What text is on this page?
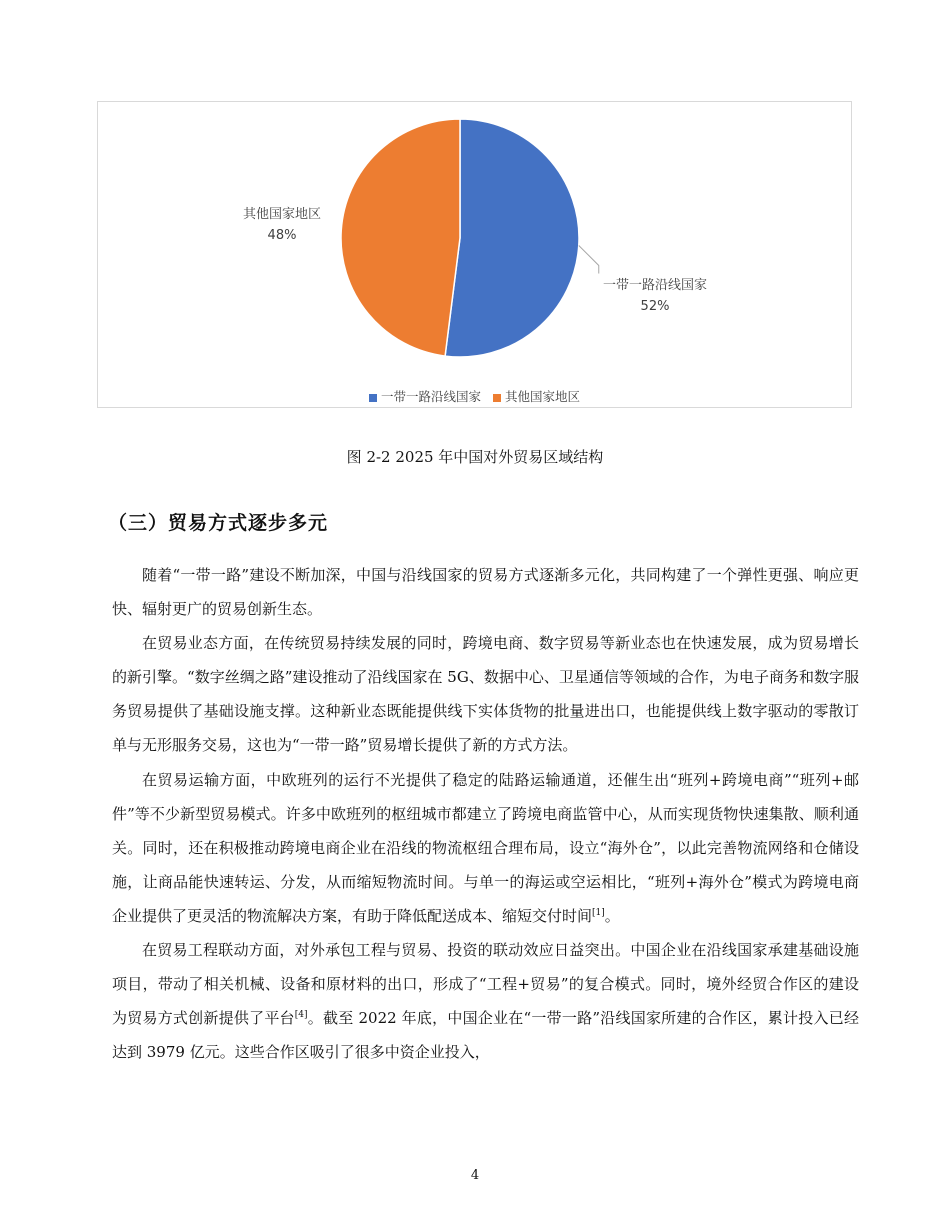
一带一路沿线国家
52%
其他国家地区
48%
一带一路沿线国家 其他国家地区
图 2-2 2025 年中国对外贸易区域结构
（三）贸易方式逐步多元

随着“一带一路”建设不断加深，中国与沿线国家的贸易方式逐渐多元化，共同构建了一个弹性更强、响应更快、辐射更广的贸易创新生态。

在贸易业态方面，在传统贸易持续发展的同时，跨境电商、数字贸易等新业态也在快速发展，成为贸易增长的新引擎。“数字丝绸之路”建设推动了沿线国家在 5G、数据中心、卫星通信等领域的合作，为电子商务和数字服务贸易提供了基础设施支撑。这种新业态既能提供线下实体货物的批量进出口，也能提供线上数字驱动的零散订单与无形服务交易，这也为“一带一路”贸易增长提供了新的方式方法。

在贸易运输方面，中欧班列的运行不光提供了稳定的陆路运输通道，还催生出“班列+跨境电商”“班列+邮件”等不少新型贸易模式。许多中欧班列的枢纽城市都建立了跨境电商监管中心，从而实现货物快速集散、顺利通关。同时，还在积极推动跨境电商企业在沿线的物流枢纽合理布局，设立“海外仓”，以此完善物流网络和仓储设施，让商品能快速转运、分发，从而缩短物流时间。与单一的海运或空运相比，“班列+海外仓”模式为跨境电商企业提供了更灵活的物流解决方案，有助于降低配送成本、缩短交付时间[1]。

在贸易工程联动方面，对外承包工程与贸易、投资的联动效应日益突出。中国企业在沿线国家承建基础设施项目，带动了相关机械、设备和原材料的出口，形成了“工程+贸易”的复合模式。同时，境外经贸合作区的建设为贸易方式创新提供了平台[4]。截至 2022 年底，中国企业在“一带一路”沿线国家所建的合作区，累计投入已经达到 3979 亿元。这些合作区吸引了很多中资企业投入，

4
